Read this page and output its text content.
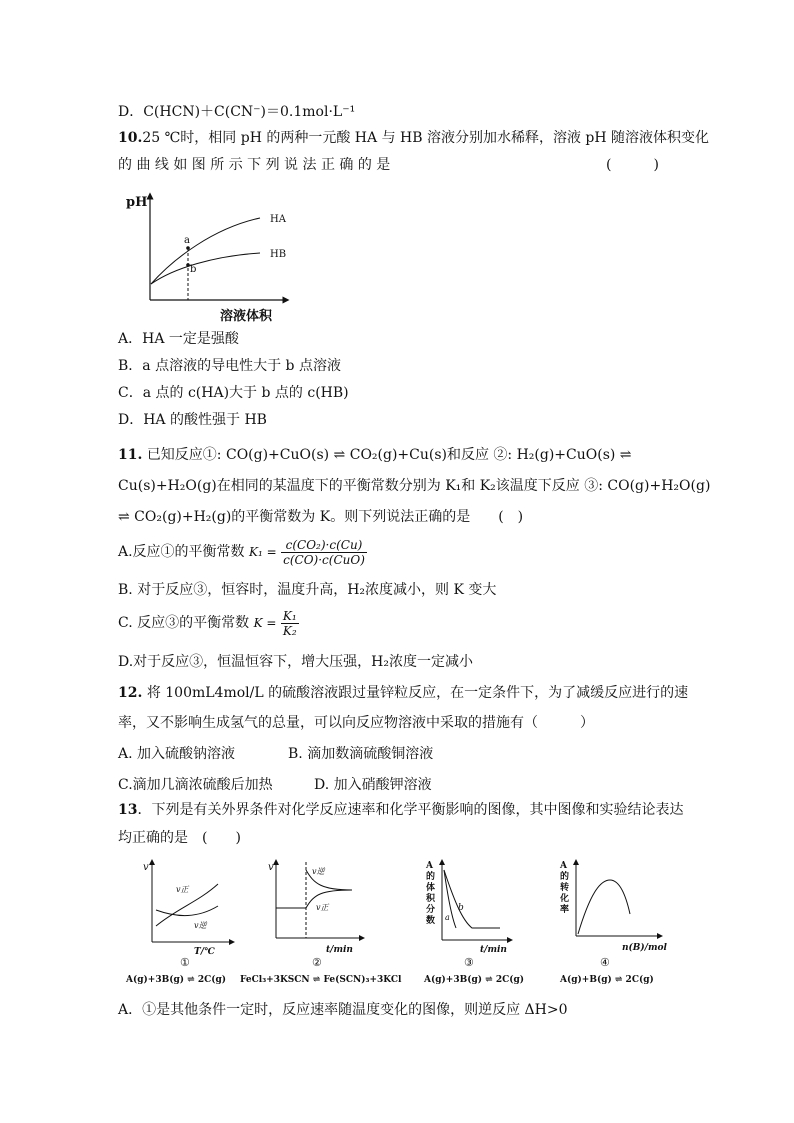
D．C(HCN)＋C(CN⁻)＝0.1mol·L⁻¹
10.25 ℃时，相同 pH 的两种一元酸 HA 与 HB 溶液分别加水稀释，溶液 pH 随溶液体积变化
的 曲 线 如 图 所 示 下 列 说 法 正 确 的 是	(　　　)
pH
溶液体积
a
b
HA
HB
A．HA 一定是强酸
B．a 点溶液的导电性大于 b 点溶液
C．a 点的 c(HA)大于 b 点的 c(HB)
D．HA 的酸性强于 HB
11. 已知反应①: CO(g)+CuO(s) ⇌ CO₂(g)+Cu(s)和反应 ②: H₂(g)+CuO(s) ⇌
Cu(s)+H₂O(g)在相同的某温度下的平衡常数分别为 K₁和 K₂该温度下反应 ③: CO(g)+H₂O(g)
⇌ CO₂(g)+H₂(g)的平衡常数为 K。则下列说法正确的是　　(　)
A.反应①的平衡常数 $K_1 = \frac{\text{c(CO₂)·c(Cu)}}{\text{c(CO)·c(CuO)}}$
B. 对于反应③，恒容时，温度升高，H₂浓度减小，则 K 变大
C. 反应③的平衡常数 $K = \frac{\text{K₁}}{\text{K₂}}$
D.对于反应③，恒温恒容下，增大压强，H₂浓度一定减小
12. 将 100mL4mol/L 的硫酸溶液跟过量锌粒反应，在一定条件下，为了减缓反应进行的速
率，又不影响生成氢气的总量，可以向反应物溶液中采取的措施有（　　　）
A. 加入硫酸钠溶液	B. 滴加数滴硫酸铜溶液
C.滴加几滴浓硫酸后加热	D. 加入硝酸钾溶液
13．下列是有关外界条件对化学反应速率和化学平衡影响的图像，其中图像和实验结论表达
均正确的是　(　　)
v
T/℃
v正
v逆
①
A(g)+3B(g) ⇌ 2C(g)
v
t/min
v逆
v正
②
FeCl₃+3KSCN ⇌ Fe(SCN)₃+3KCl
A
的
体
积
分
数
t/min
b
a
③
A(g)+3B(g) ⇌ 2C(g)
A
的
转
化
率
n(B)/mol
④
A(g)+B(g) ⇌ 2C(g)
A．①是其他条件一定时，反应速率随温度变化的图像，则逆反应 ΔH>0
